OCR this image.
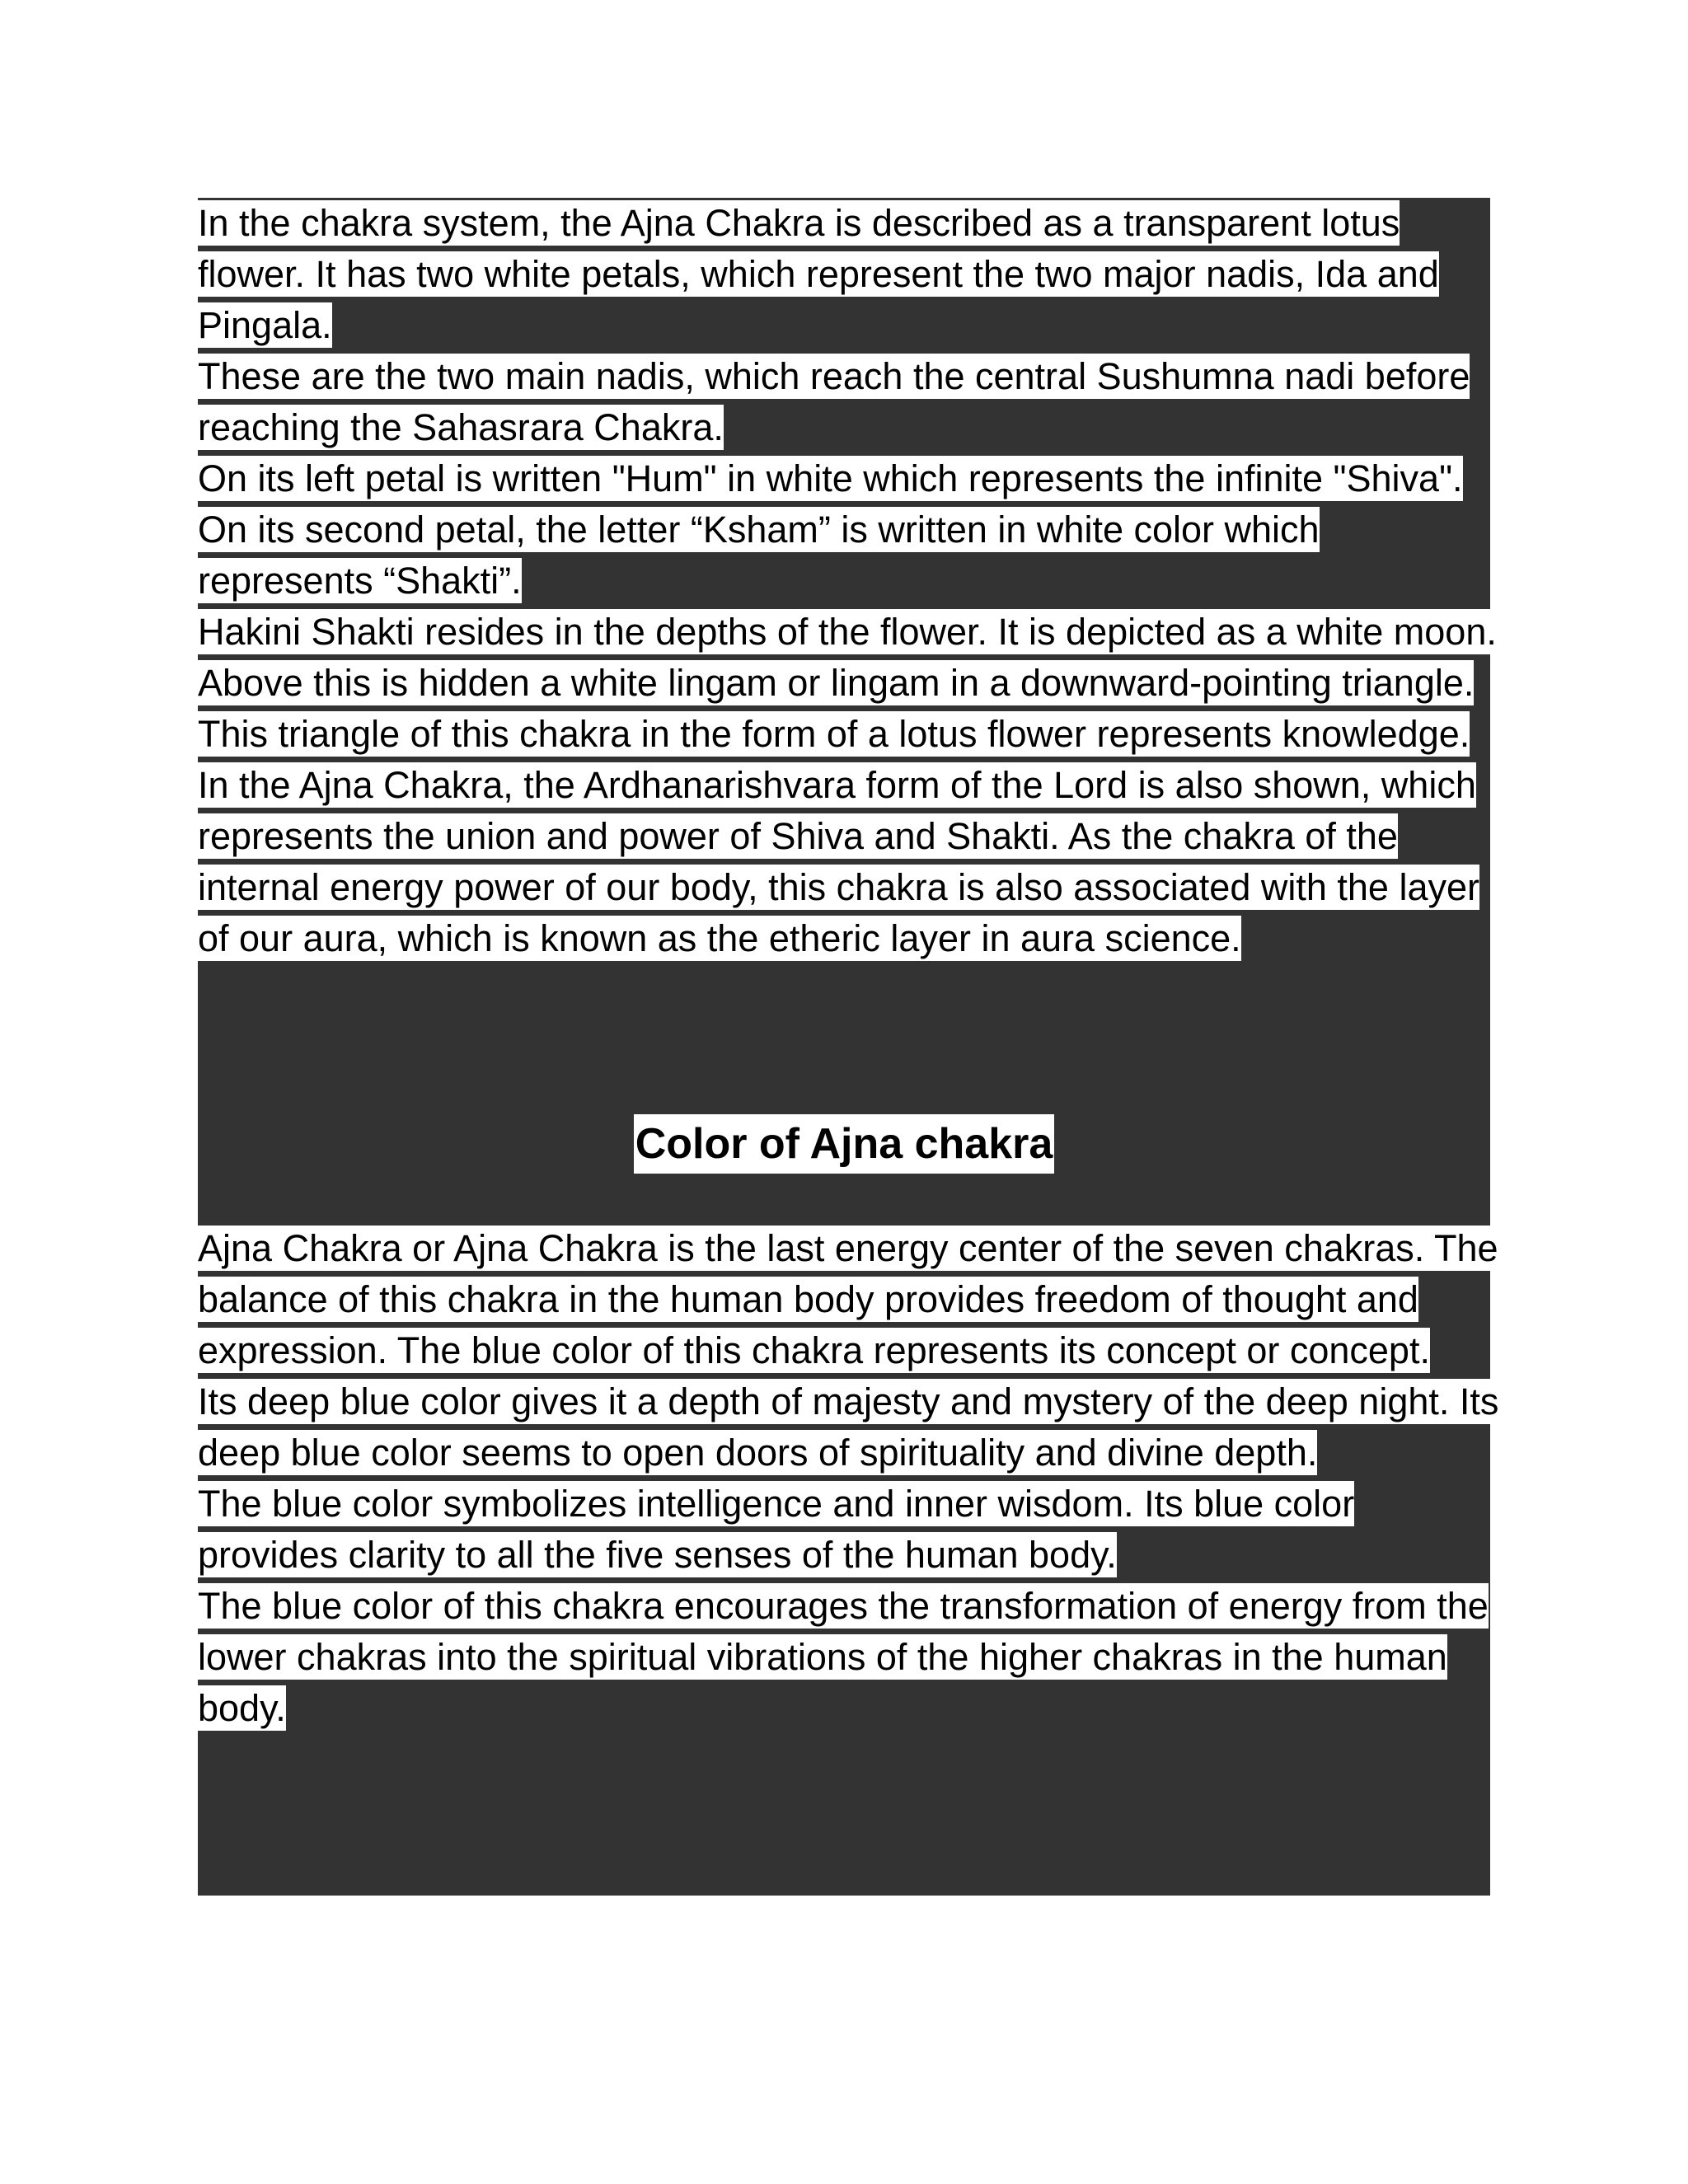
In the chakra system, the Ajna Chakra is described as a transparent lotus flower. It has two white petals, which represent the two major nadis, Ida and Pingala.

These are the two main nadis, which reach the central Sushumna nadi before reaching the Sahasrara Chakra.

On its left petal is written "Hum" in white which represents the infinite "Shiva". On its second petal, the letter “Ksham” is written in white color which represents “Shakti”.

Hakini Shakti resides in the depths of the flower. It is depicted as a white moon. Above this is hidden a white lingam or lingam in a downward-pointing triangle. This triangle of this chakra in the form of a lotus flower represents knowledge.

In the Ajna Chakra, the Ardhanarishvara form of the Lord is also shown, which represents the union and power of Shiva and Shakti. As the chakra of the internal energy power of our body, this chakra is also associated with the layer of our aura, which is known as the etheric layer in aura science.

Color of Ajna chakra

Ajna Chakra or Ajna Chakra is the last energy center of the seven chakras. The balance of this chakra in the human body provides freedom of thought and expression. The blue color of this chakra represents its concept or concept.

Its deep blue color gives it a depth of majesty and mystery of the deep night. Its deep blue color seems to open doors of spirituality and divine depth.

The blue color symbolizes intelligence and inner wisdom. Its blue color provides clarity to all the five senses of the human body.

The blue color of this chakra encourages the transformation of energy from the lower chakras into the spiritual vibrations of the higher chakras in the human body.
